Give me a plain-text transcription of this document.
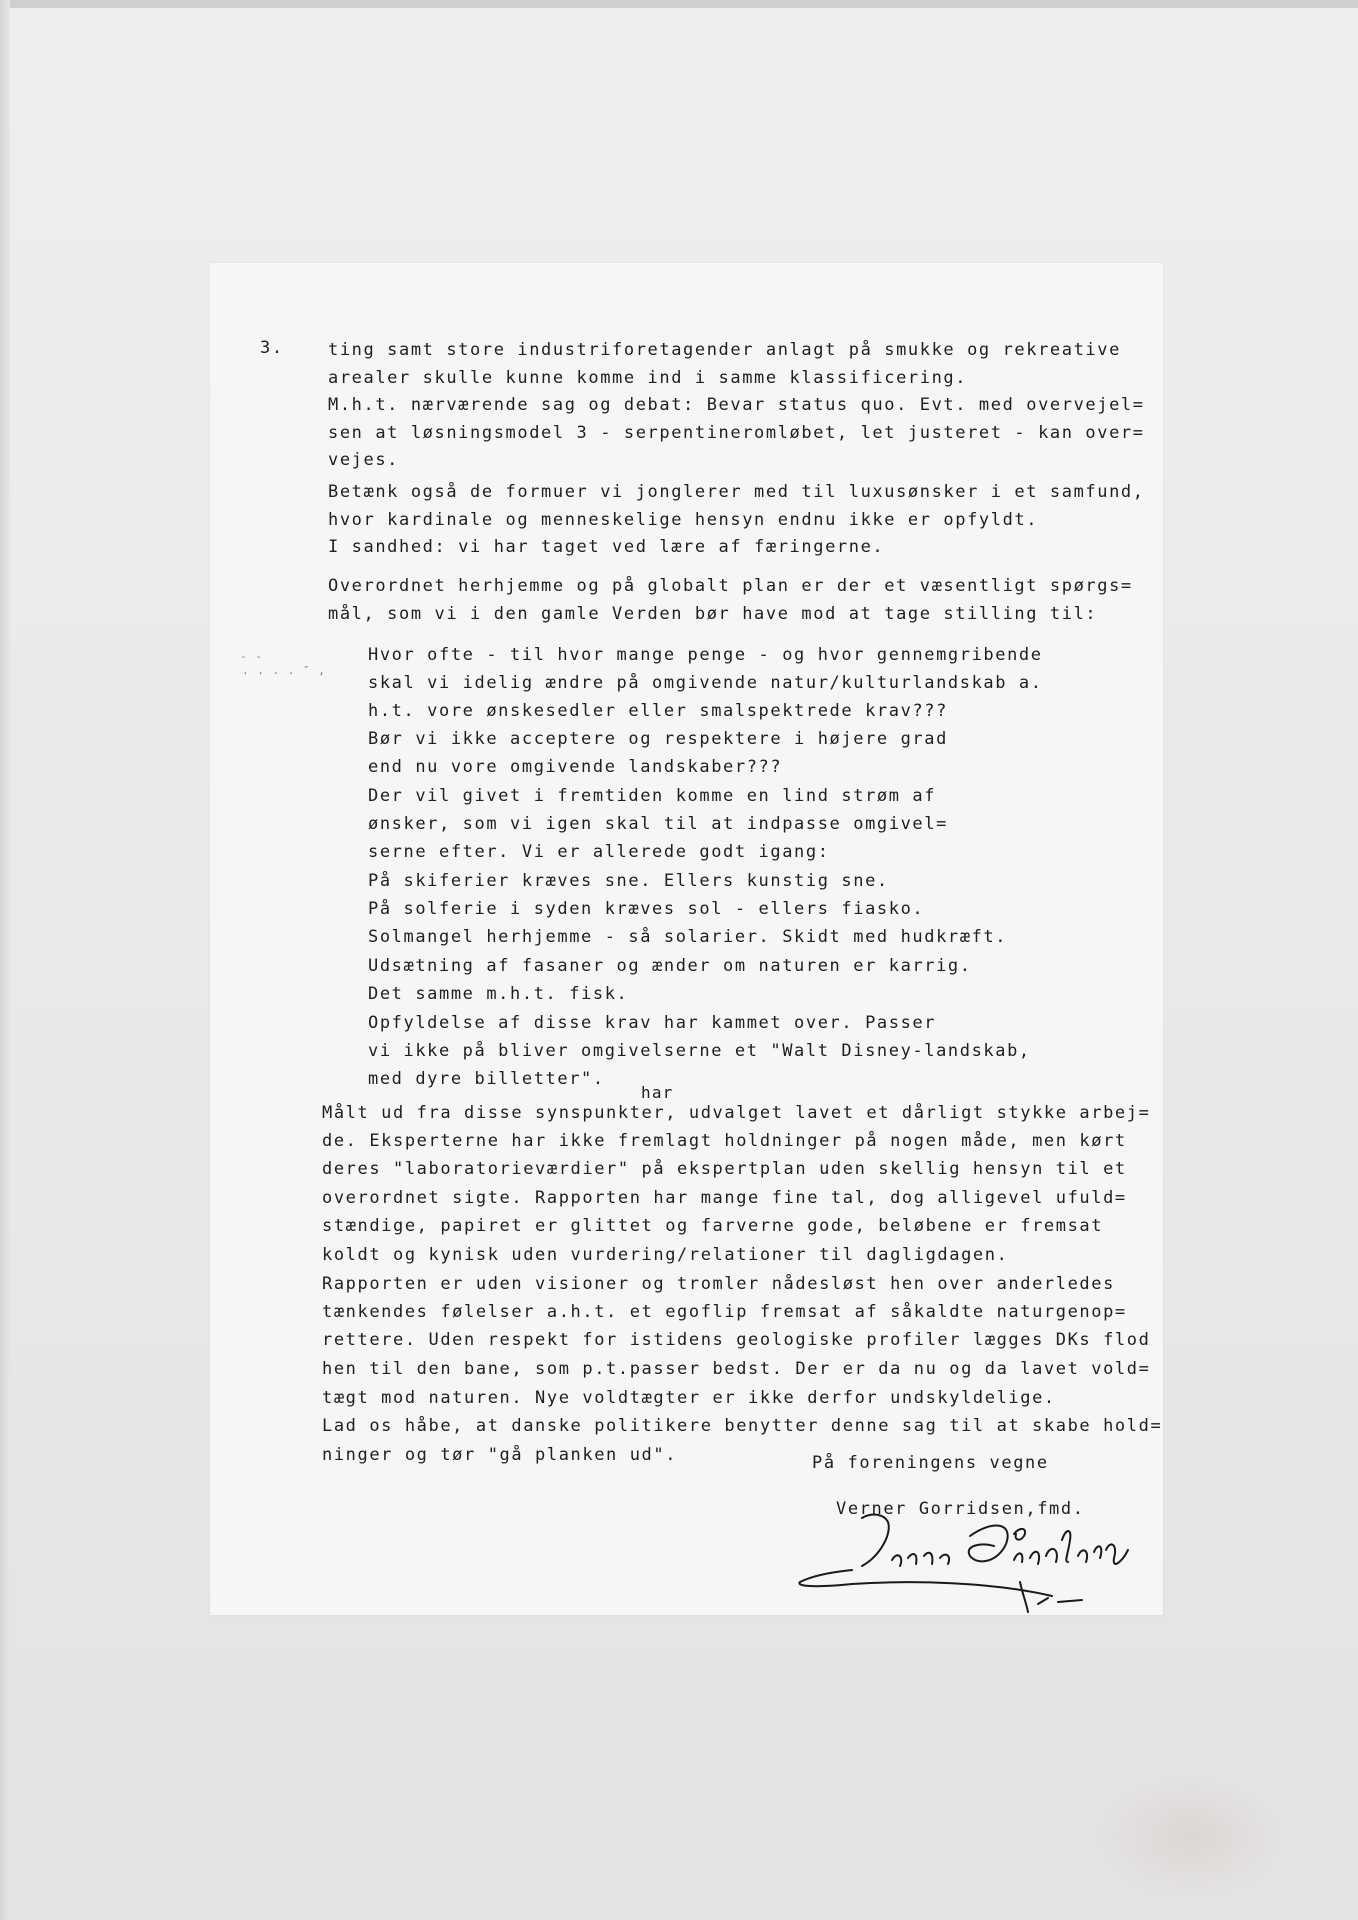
3.	ting samt store industriforetagender anlagt på smukke og rekreative
arealer skulle kunne komme ind i samme klassificering.
M.h.t. nærværende sag og debat: Bevar status quo. Evt. med overvejel=
sen at løsningsmodel 3 - serpentineromløbet, let justeret - kan over=
vejes.
Betænk også de formuer vi jonglerer med til luxusønsker i et samfund,
hvor kardinale og menneskelige hensyn endnu ikke er opfyldt.
I sandhed: vi har taget ved lære af færingerne.
Overordnet herhjemme og på globalt plan er der et væsentligt spørgs=
mål, som vi i den gamle Verden bør have mod at tage stilling til:
- -
. . . . ″ ,
Hvor ofte - til hvor mange penge - og hvor gennemgribende
skal vi idelig ændre på omgivende natur/kulturlandskab a.
h.t. vore ønskesedler eller smalspektrede krav???
Bør vi ikke acceptere og respektere i højere grad
end nu vore omgivende landskaber???
Der vil givet i fremtiden komme en lind strøm af
ønsker, som vi igen skal til at indpasse omgivel=
serne efter. Vi er allerede godt igang:
På skiferier kræves sne. Ellers kunstig sne.
På solferie i syden kræves sol - ellers fiasko.
Solmangel herhjemme - så solarier. Skidt med hudkræft.
Udsætning af fasaner og ænder om naturen er karrig.
Det samme m.h.t. fisk.
Opfyldelse af disse krav har kammet over. Passer
vi ikke på bliver omgivelserne et "Walt Disney-landskab,
med dyre billetter".
har
Målt ud fra disse synspunkter, udvalget lavet et dårligt stykke arbej=
de. Eksperterne har ikke fremlagt holdninger på nogen måde, men kørt
deres "laboratorieværdier" på ekspertplan uden skellig hensyn til et
overordnet sigte. Rapporten har mange fine tal, dog alligevel ufuld=
stændige, papiret er glittet og farverne gode, beløbene er fremsat
koldt og kynisk uden vurdering/relationer til dagligdagen.
Rapporten er uden visioner og tromler nådesløst hen over anderledes
tænkendes følelser a.h.t. et egoflip fremsat af såkaldte naturgenop=
rettere. Uden respekt for istidens geologiske profiler lægges DKs flod
hen til den bane, som p.t.passer bedst. Der er da nu og da lavet vold=
tægt mod naturen. Nye voldtægter er ikke derfor undskyldelige.
Lad os håbe, at danske politikere benytter denne sag til at skabe hold=
ninger og tør "gå planken ud".	På foreningens vegne
Verner Gorridsen,fmd.
